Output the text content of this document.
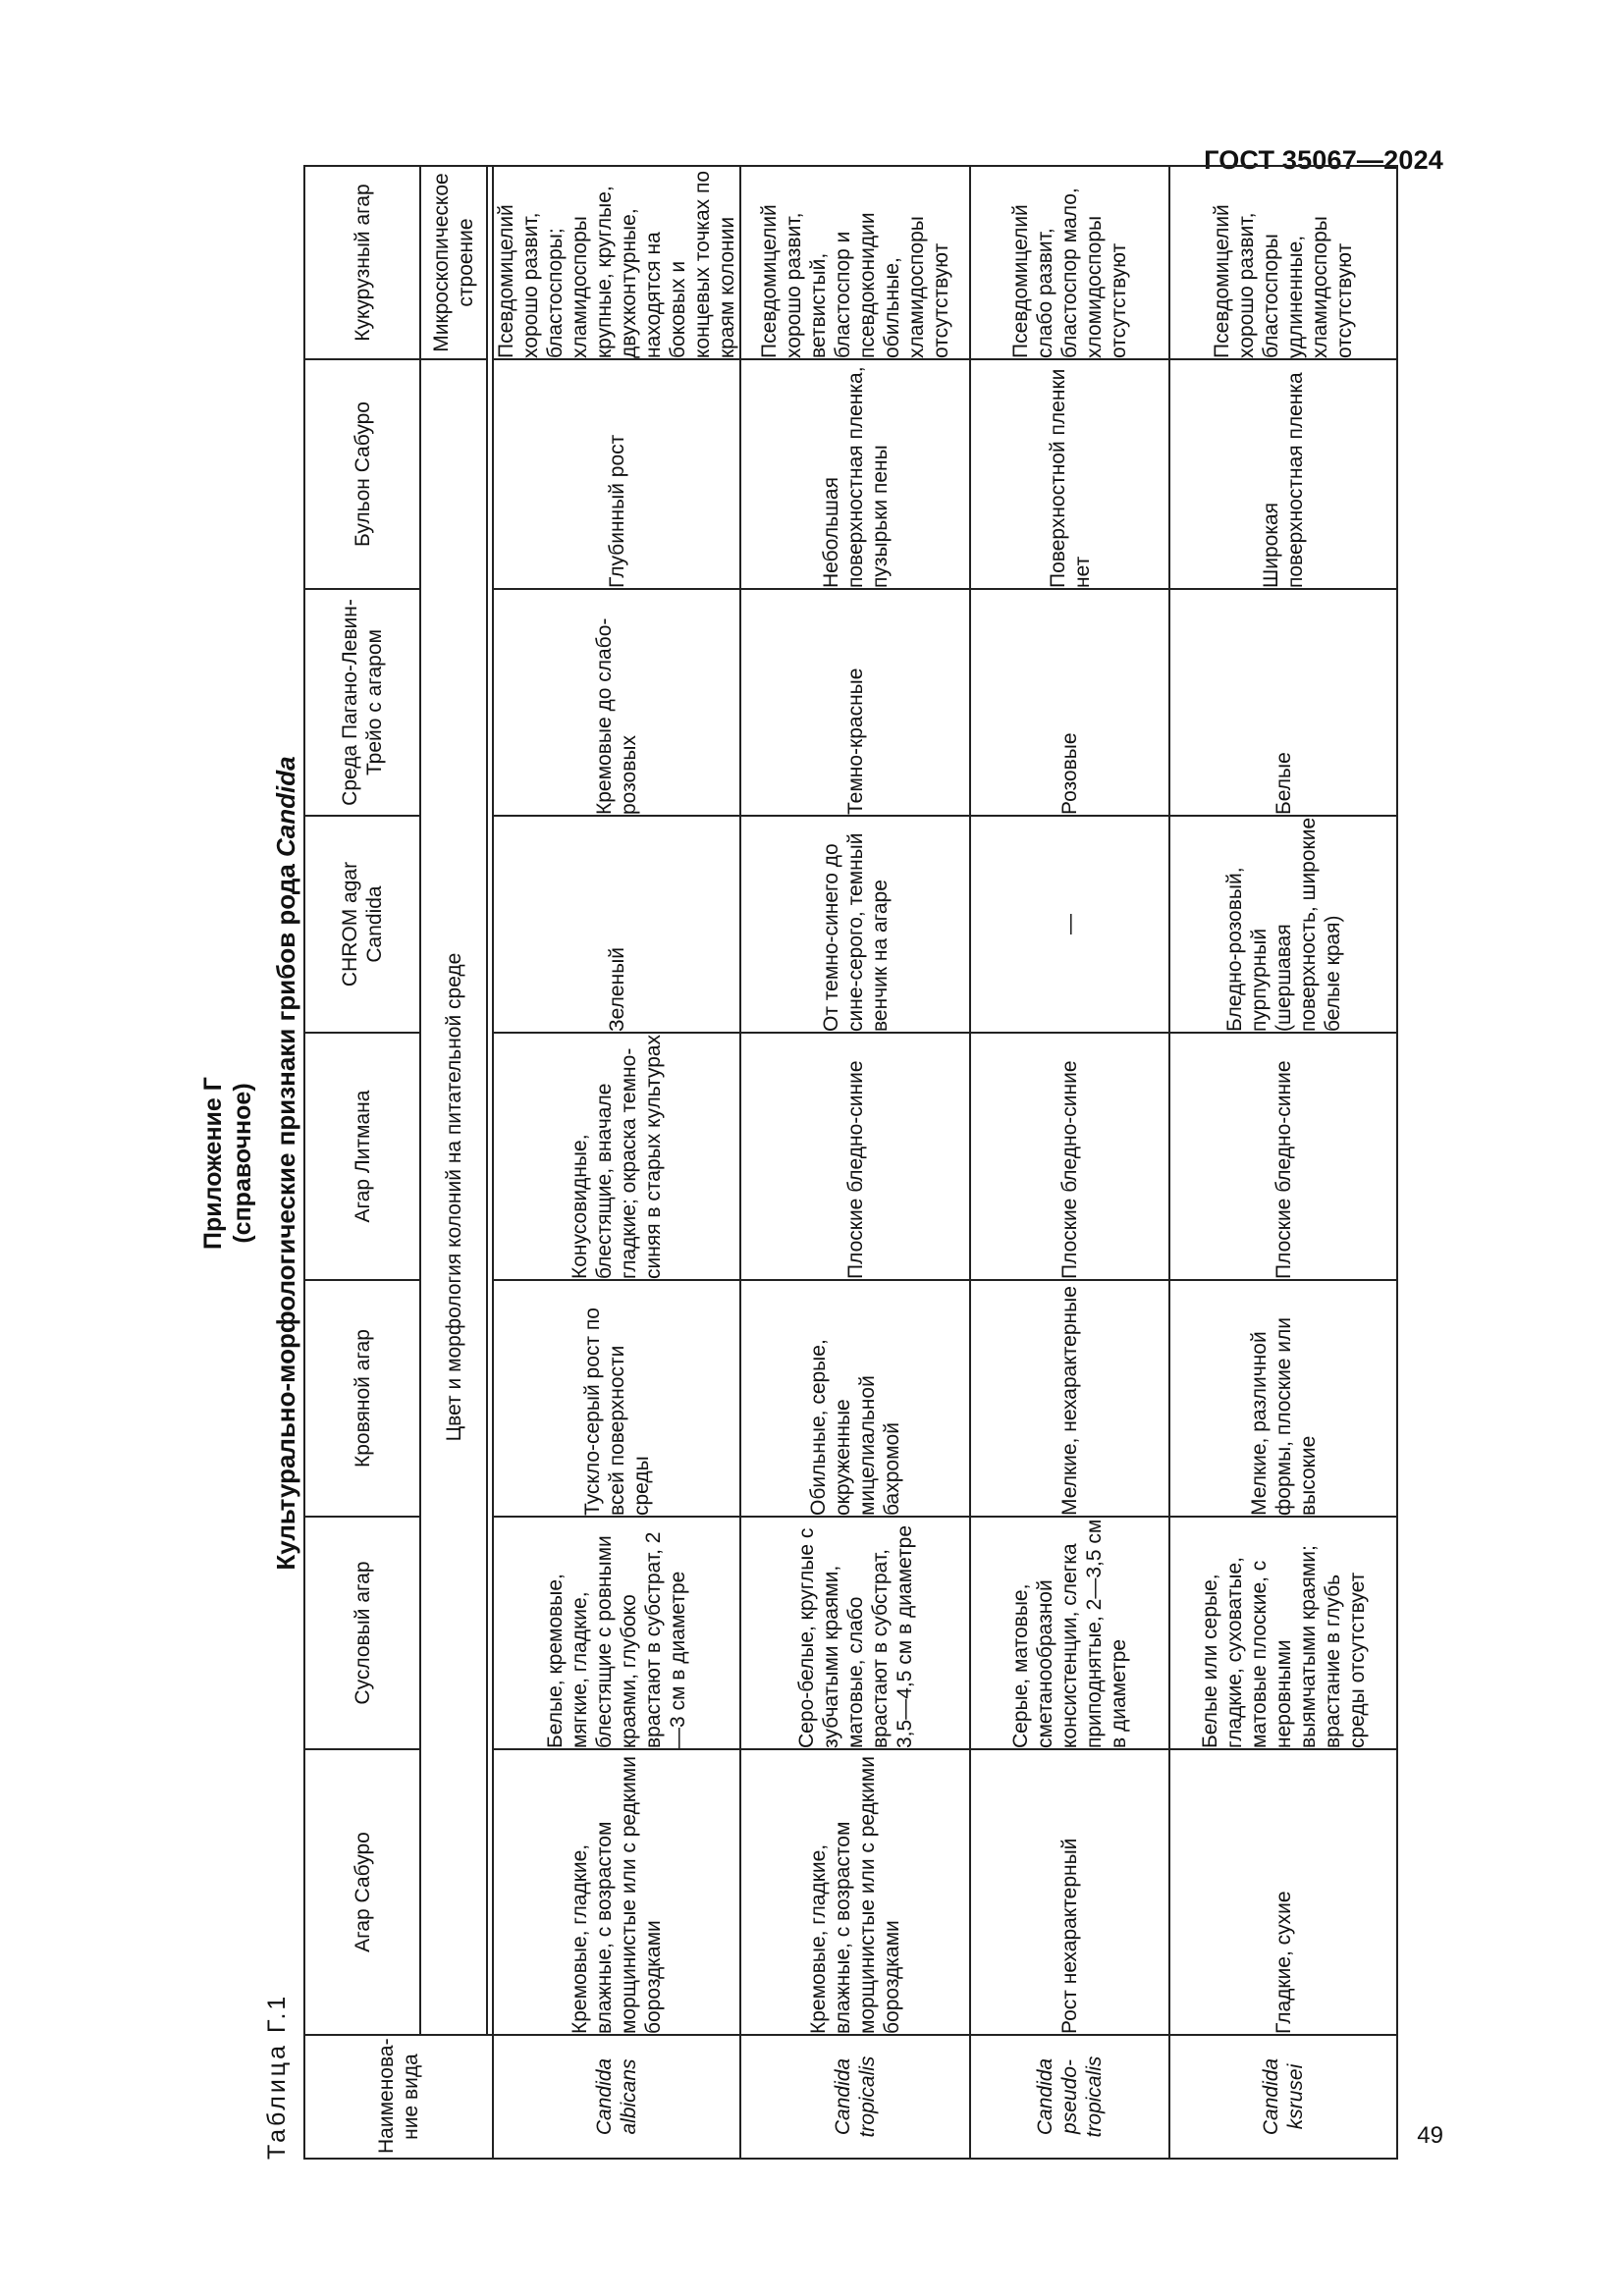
ГОСТ 35067—2024
49
Приложение Г (справочное)
Таблица Г.1
Культурально-морфологические признаки грибов рода Candida
Наименова-ние вида	Агар Сабуро	Сусловый агар	Кровяной агар	Агар Литмана	CHROM agar Candida	Среда Пагано-Левин-Трейо с агаром	Бульон Сабуро	Кукурузный агар
	Цвет и морфология колоний на питательной среде							Микроскопическое строение

Candida albicans	Кремовые, гладкие, влажные, с возрастом морщинистые или с редкими бороздками	Белые, кремовые, мягкие, гладкие, блестящие с ровными краями, глубоко врастают в субстрат, 2—3 см в диаметре	Тускло-серый рост по всей поверхности среды	Конусовидные, блестящие, вначале гладкие; окраска темно-синяя в старых культурах	Зеленый	Кремовые до слабо-розовых	Глубинный рост	Псевдомицелий хорошо развит, бластоспоры; хламидоспоры крупные, круглые, двухконтурные, находятся на боковых и концевых точках по краям колонии
Candida tropicalis	Кремовые, гладкие, влажные, с возрастом морщинистые или с редкими бороздками	Серо-белые, круглые с зубчатыми краями, матовые, слабо врастают в субстрат, 3,5—4,5 см в диаметре	Обильные, серые, окруженные мицелиальной бахромой	Плоские бледно-синие	От темно-синего до сине-серого, темный венчик на агаре	Темно-красные	Небольшая поверхностная пленка, пузырьки пены	Псевдомицелий хорошо развит, ветвистый, бластоспор и псевдоконидии обильные, хламидоспоры отсутствуют
Candida pseudo-tropicalis	Рост нехарактерный	Серые, матовые, сметанообразной консистенции, слегка приподнятые, 2—3,5 см в диаметре	Мелкие, нехарактерные	Плоские бледно-синие	—	Розовые	Поверхностной пленки нет	Псевдомицелий слабо развит, бластоспор мало, хломидоспоры отсутствуют
Candida ksrusei	Гладкие, сухие	Белые или серые, гладкие, суховатые, матовые плоские, с неровными выямчатыми краями; врастание в глубь среды отсутствует	Мелкие, различной формы, плоские или высокие	Плоские бледно-синие	Бледно-розовый, пурпурный (шершавая поверхность, широкие белые края)	Белые	Широкая поверхностная пленка	Псевдомицелий хорошо развит, бластоспоры удлиненные, хламидоспоры отсутствуют
